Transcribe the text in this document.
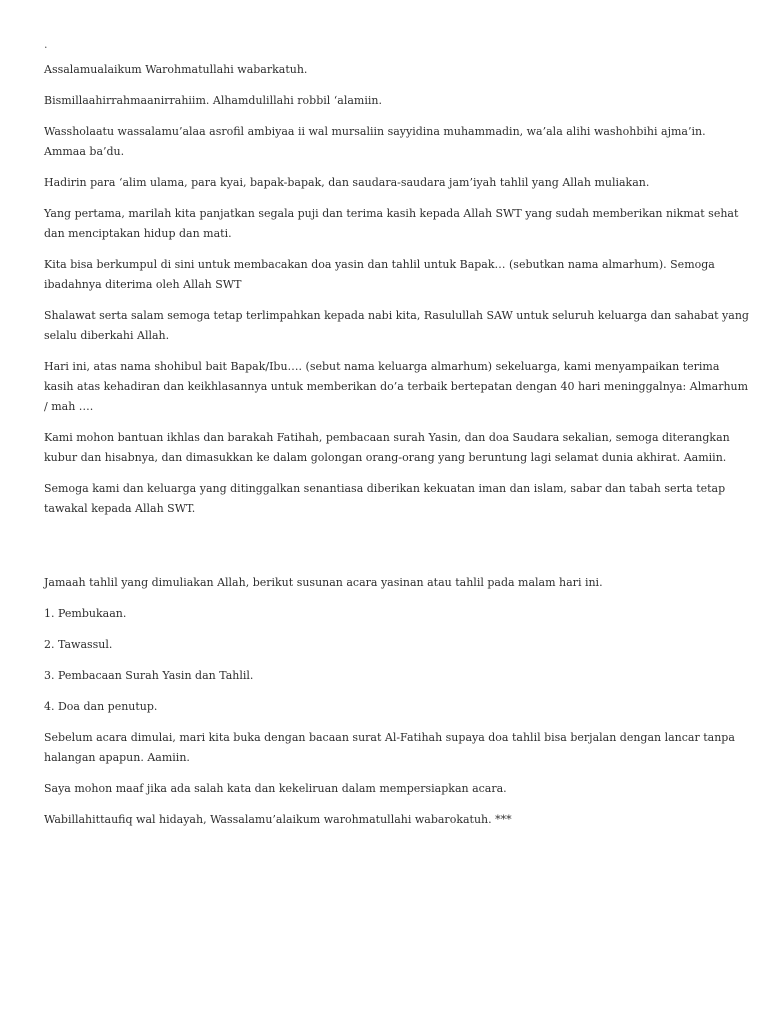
.

Assalamualaikum Warohmatullahi wabarkatuh.

Bismillaahirrahmaanirrahiim. Alhamdulillahi robbil ‘alamiin.

Wassholaatu wassalamu’alaa asrofil ambiyaa ii wal mursaliin sayyidina muhammadin, wa’ala alihi washohbihi ajma’in. Ammaa ba’du.

Hadirin para ‘alim ulama, para kyai, bapak-bapak, dan saudara-saudara jam’iyah tahlil yang Allah muliakan.

Yang pertama, marilah kita panjatkan segala puji dan terima kasih kepada Allah SWT yang sudah memberikan nikmat sehat dan menciptakan hidup dan mati.

Kita bisa berkumpul di sini untuk membacakan doa yasin dan tahlil untuk Bapak… (sebutkan nama almarhum). Semoga ibadahnya diterima oleh Allah SWT

Shalawat serta salam semoga tetap terlimpahkan kepada nabi kita, Rasulullah SAW untuk seluruh keluarga dan sahabat yang selalu diberkahi Allah.

Hari ini, atas nama shohibul bait Bapak/Ibu…. (sebut nama keluarga almarhum) sekeluarga, kami menyampaikan terima kasih atas kehadiran dan keikhlasannya untuk memberikan do’a terbaik bertepatan dengan 40 hari meninggalnya: Almarhum / mah ….

Kami mohon bantuan ikhlas dan barakah Fatihah, pembacaan surah Yasin, dan doa Saudara sekalian, semoga diterangkan kubur dan hisabnya, dan dimasukkan ke dalam golongan orang-orang yang beruntung lagi selamat dunia akhirat. Aamiin.

Semoga kami dan keluarga yang ditinggalkan senantiasa diberikan kekuatan iman dan islam, sabar dan tabah serta tetap tawakal kepada Allah SWT.

Jamaah tahlil yang dimuliakan Allah, berikut susunan acara yasinan atau tahlil pada malam hari ini.

1. Pembukaan.

2. Tawassul.

3. Pembacaan Surah Yasin dan Tahlil.

4. Doa dan penutup.

Sebelum acara dimulai, mari kita buka dengan bacaan surat Al-Fatihah supaya doa tahlil bisa berjalan dengan lancar tanpa halangan apapun. Aamiin.

Saya mohon maaf jika ada salah kata dan kekeliruan dalam mempersiapkan acara.

Wabillahittaufiq wal hidayah, Wassalamu’alaikum warohmatullahi wabarokatuh. ***
